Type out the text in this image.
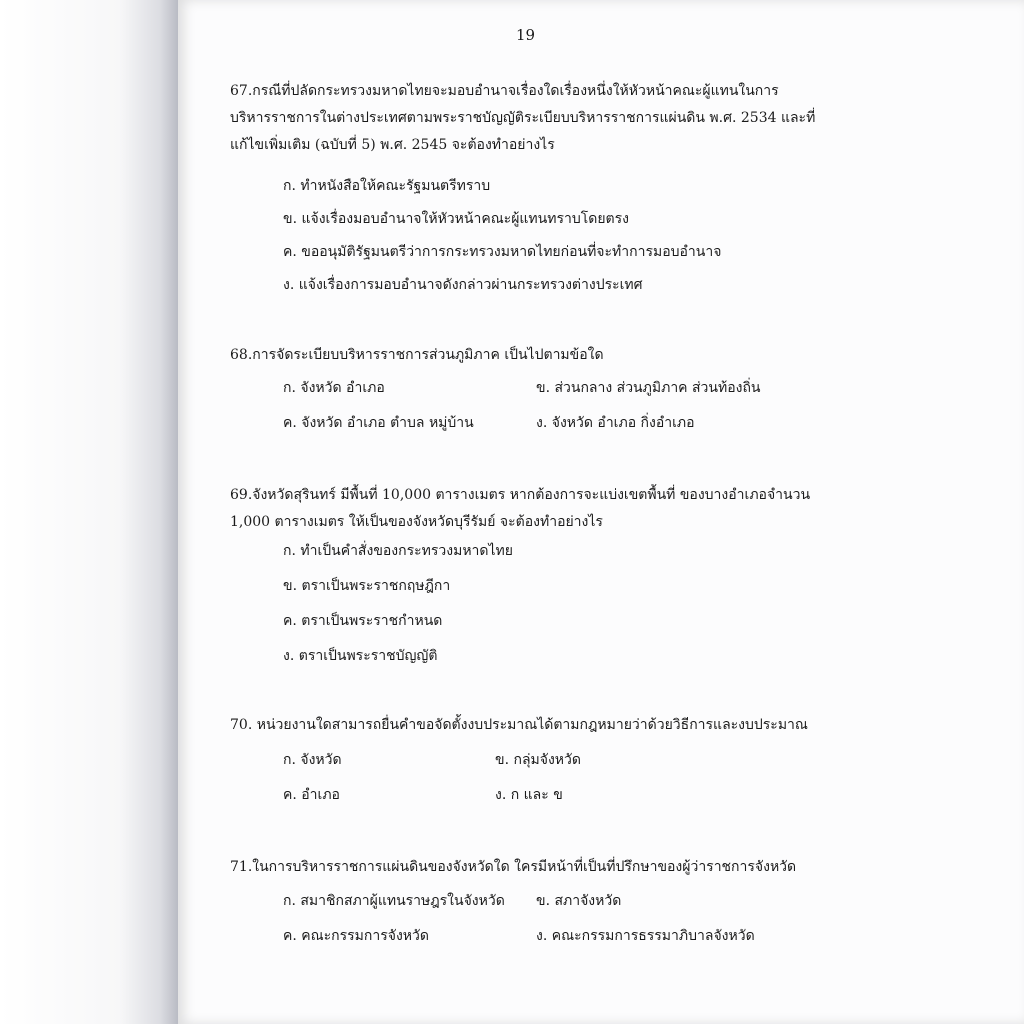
19
67.กรณีที่ปลัดกระทรวงมหาดไทยจะมอบอำนาจเรื่องใดเรื่องหนึ่งให้หัวหน้าคณะผู้แทนในการ บริหารราชการในต่างประเทศตามพระราชบัญญัติระเบียบบริหารราชการแผ่นดิน พ.ศ. 2534 และที่ แก้ไขเพิ่มเติม (ฉบับที่ 5) พ.ศ. 2545 จะต้องทำอย่างไร
ก. ทำหนังสือให้คณะรัฐมนตรีทราบ
ข. แจ้งเรื่องมอบอำนาจให้หัวหน้าคณะผู้แทนทราบโดยตรง
ค. ขออนุมัติรัฐมนตรีว่าการกระทรวงมหาดไทยก่อนที่จะทำการมอบอำนาจ
ง. แจ้งเรื่องการมอบอำนาจดังกล่าวผ่านกระทรวงต่างประเทศ
68.การจัดระเบียบบริหารราชการส่วนภูมิภาค เป็นไปตามข้อใด
ก. จังหวัด อำเภอ	ข. ส่วนกลาง ส่วนภูมิภาค ส่วนท้องถิ่น
ค. จังหวัด อำเภอ ตำบล หมู่บ้าน	ง. จังหวัด อำเภอ กิ่งอำเภอ
69.จังหวัดสุรินทร์ มีพื้นที่ 10,000 ตารางเมตร หากต้องการจะแบ่งเขตพื้นที่ ของบางอำเภอจำนวน 1,000 ตารางเมตร ให้เป็นของจังหวัดบุรีรัมย์ จะต้องทำอย่างไร
ก. ทำเป็นคำสั่งของกระทรวงมหาดไทย
ข. ตราเป็นพระราชกฤษฎีกา
ค. ตราเป็นพระราชกำหนด
ง. ตราเป็นพระราชบัญญัติ
70. หน่วยงานใดสามารถยื่นคำขอจัดตั้งงบประมาณได้ตามกฎหมายว่าด้วยวิธีการและงบประมาณ
ก. จังหวัด	ข. กลุ่มจังหวัด
ค. อำเภอ	ง. ก และ ข
71.ในการบริหารราชการแผ่นดินของจังหวัดใด ใครมีหน้าที่เป็นที่ปรึกษาของผู้ว่าราชการจังหวัด
ก. สมาชิกสภาผู้แทนราษฎรในจังหวัด ข. สภาจังหวัด
ค. คณะกรรมการจังหวัด	ง. คณะกรรมการธรรมาภิบาลจังหวัด
